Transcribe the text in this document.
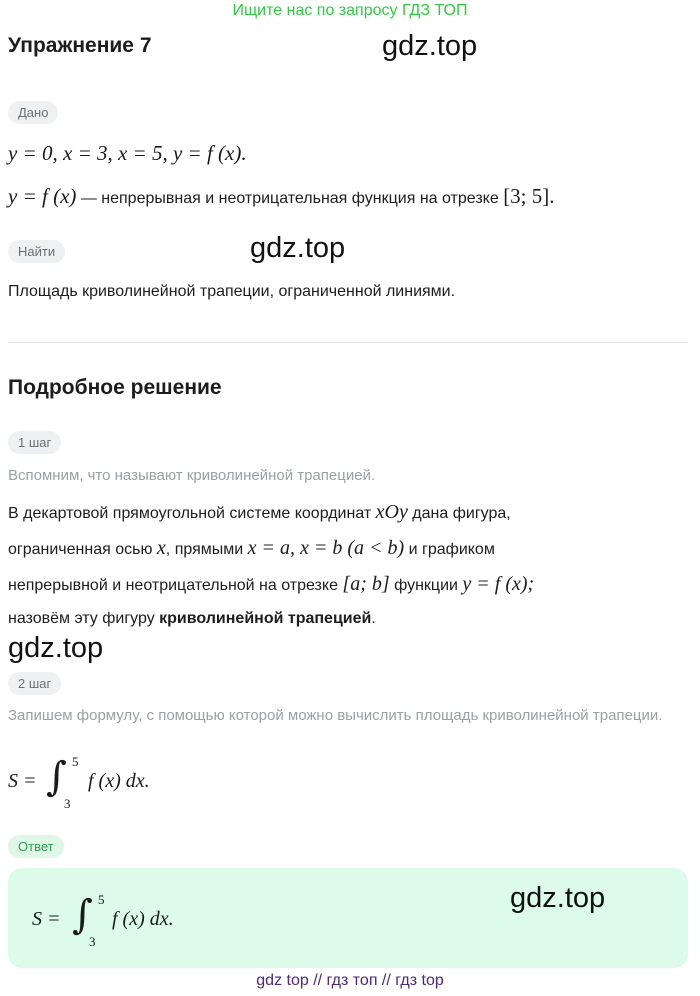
Ищите нас по запросу ГДЗ ТОП
Упражнение 7	gdz.top
Дано
y = 0, x = 3, x = 5, y = f (x).
y = f (x) — непрерывная и неотрицательная функция на отрезке [3; 5].
gdz.top
Найти
Площадь криволинейной трапеции, ограниченной линиями.
Подробное решение
1 шаг
Вспомним, что называют криволинейной трапецией.
В декартовой прямоугольной системе координат xOy дана фигура,
ограниченная осью x, прямыми x = a, x = b (a < b) и графиком
непрерывной и неотрицательной на отрезке [a; b] функции y = f (x);
назовём эту фигуру криволинейной трапецией.
gdz.top
2 шаг
Запишем формулу, с помощью которой можно вычислить площадь криволинейной трапеции.
S = ∫ 5
3
f (x) dx.
Ответ
S = ∫ 5
3
f (x) dx.
gdz.top
gdz top // гдз топ // гдз top
